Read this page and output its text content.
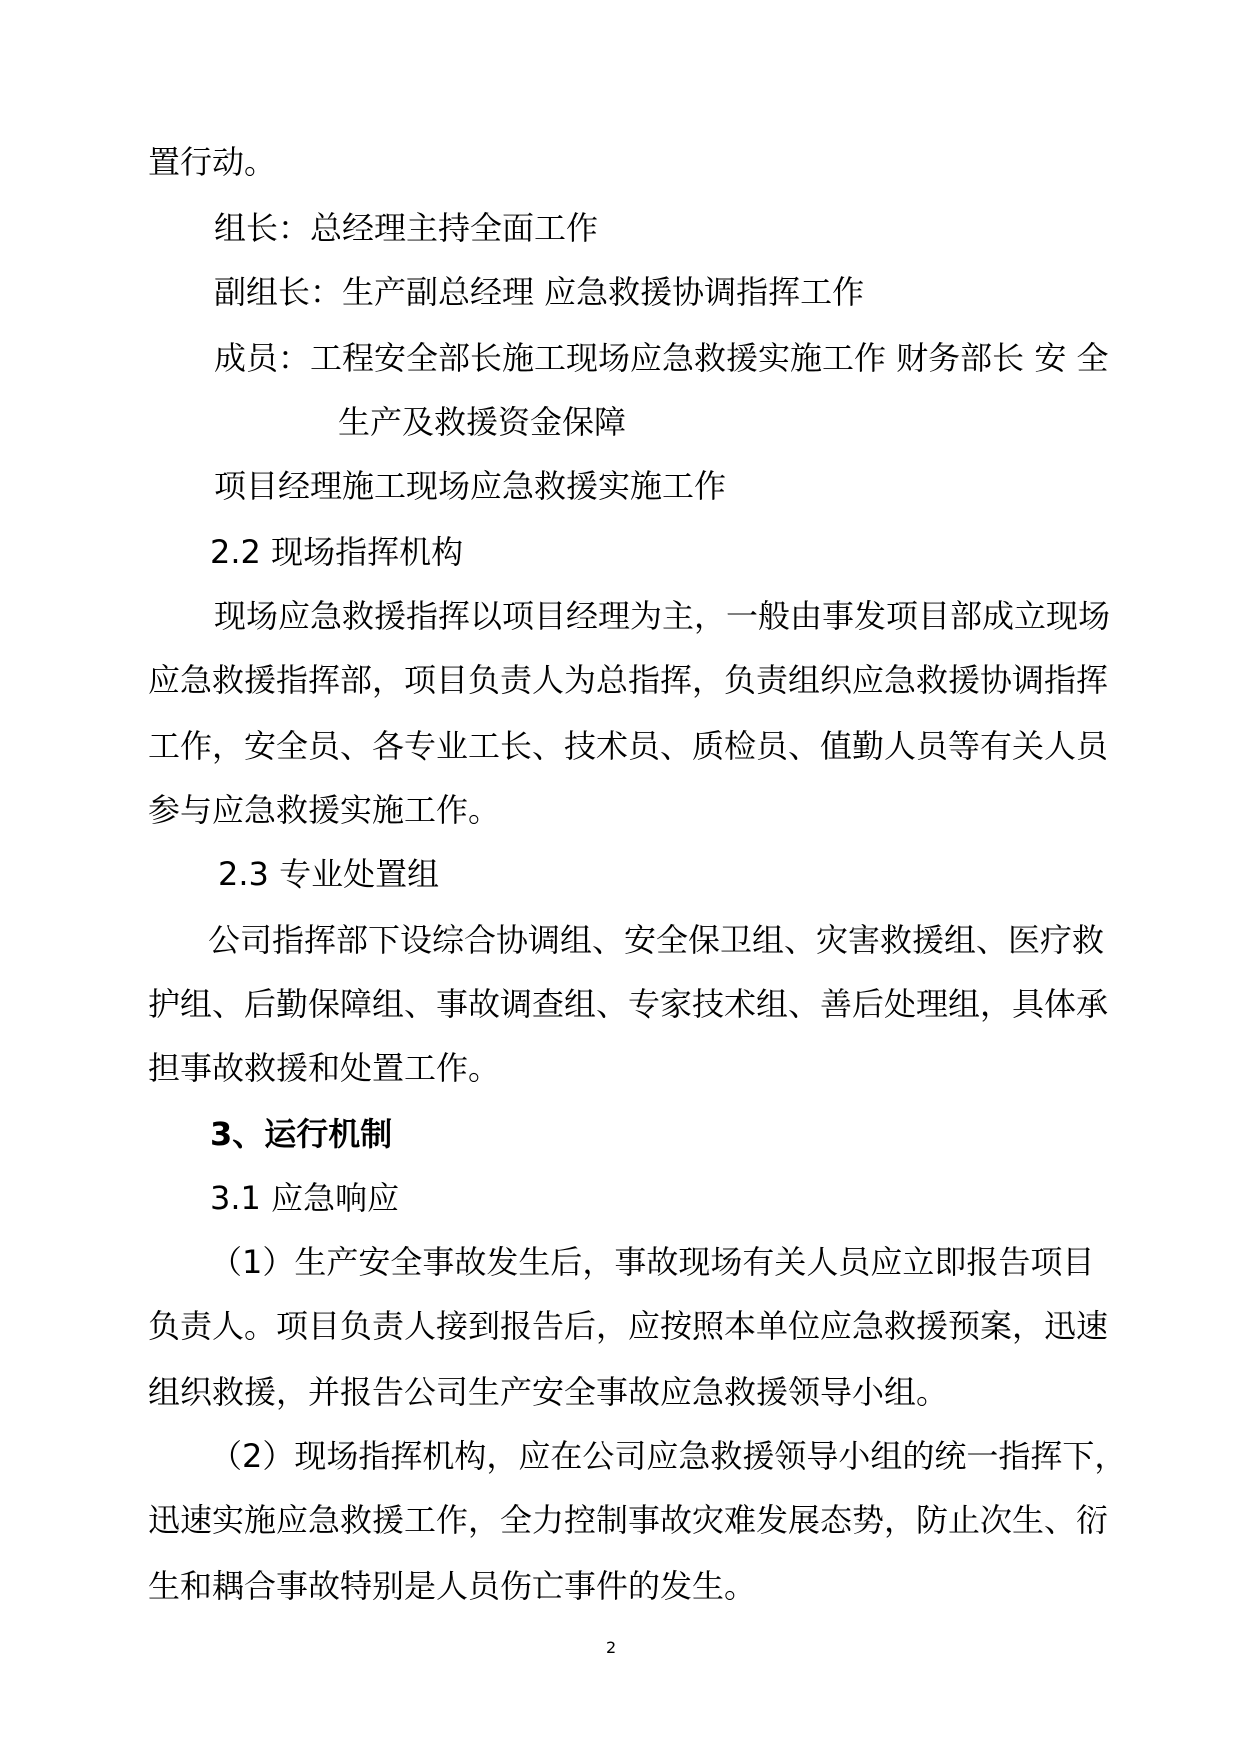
置行动。
组长：总经理主持全面工作
副组长：生产副总经理 应急救援协调指挥工作
成员：工程安全部长施工现场应急救援实施工作 财务部长 安 全
生产及救援资金保障
项目经理施工现场应急救援实施工作
2.2 现场指挥机构
现场应急救援指挥以项目经理为主，一般由事发项目部成立现场
应急救援指挥部，项目负责人为总指挥，负责组织应急救援协调指挥
工作，安全员、各专业工长、技术员、质检员、值勤人员等有关人员
参与应急救援实施工作。
2.3 专业处置组
公司指挥部下设综合协调组、安全保卫组、灾害救援组、医疗救
护组、后勤保障组、事故调查组、专家技术组、善后处理组，具体承
担事故救援和处置工作。
3、运行机制
3.1 应急响应
（1）生产安全事故发生后，事故现场有关人员应立即报告项目
负责人。项目负责人接到报告后，应按照本单位应急救援预案，迅速
组织救援，并报告公司生产安全事故应急救援领导小组。
（2）现场指挥机构，应在公司应急救援领导小组的统一指挥下，
迅速实施应急救援工作，全力控制事故灾难发展态势，防止次生、衍
生和耦合事故特别是人员伤亡事件的发生。
2
